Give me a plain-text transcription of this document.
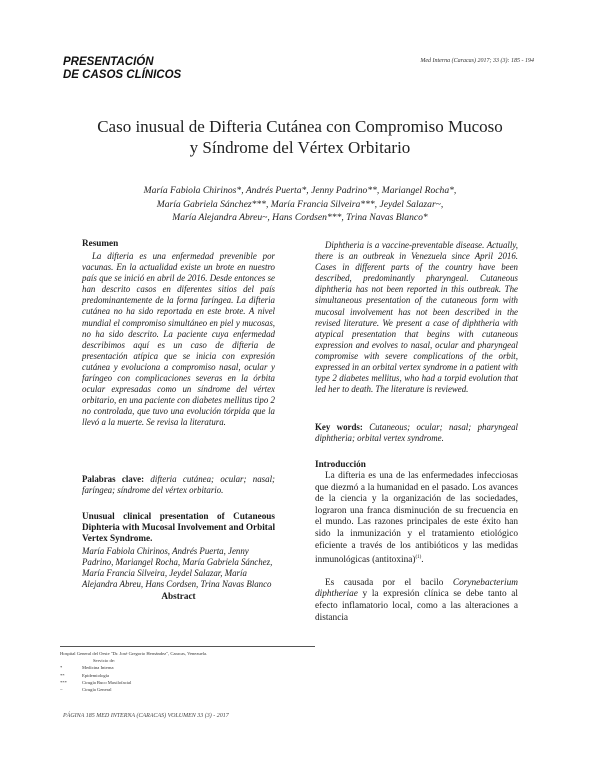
PRESENTACIÓN
DE CASOS CLÍNICOS
Med Interna (Caracas) 2017; 33 (3): 185 - 194
Caso inusual de Difteria Cutánea con Compromiso Mucoso
y Síndrome del Vértex Orbitario
María Fabiola Chirinos*, Andrés Puerta*, Jenny Padrino**, Mariangel Rocha*,
María Gabriela Sánchez***, María Francia Silveira***, Jeydel Salazar~,
María Alejandra Abreu~, Hans Cordsen***, Trina Navas Blanco*
Resumen

La difteria es una enfermedad prevenible por vacunas. En la actualidad existe un brote en nuestro país que se inició en abril de 2016. Desde entonces se han descrito casos en diferentes sitios del país predominantemente de la forma faríngea. La difteria cutánea no ha sido reportada en este brote. A nivel mundial el compromiso simultáneo en piel y mucosas, no ha sido descrito. La paciente cuya enfermedad describimos aquí es un caso de difteria de presentación atípica que se inicia con expresión cutánea y evoluciona a compromiso nasal, ocular y faríngeo con complicaciones severas en la órbita ocular expresadas como un síndrome del vértex orbitario, en una paciente con diabetes mellitus tipo 2 no controlada, que tuvo una evolución tórpida que la llevó a la muerte. Se revisa la literatura.

Palabras clave: difteria cutánea; ocular; nasal; faríngea; síndrome del vértex orbitario.

Unusual clinical presentation of Cutaneous Diphteria with Mucosal Involvement and Orbital Vertex Syndrome.

María Fabiola Chirinos, Andrés Puerta, Jenny Padrino, Mariangel Rocha, María Gabriela Sánchez, María Francia Silveira, Jeydel Salazar, María Alejandra Abreu, Hans Cordsen, Trina Navas Blanco

Abstract
Hospital General del Oeste "Dr. José Gregorio Hernández", Caracas, Venezuela.
Servicio de:
*	Medicina Interna
**	Epidemiología
***	Cirugía Buco Maxilofacial
~	Cirugía General

Diphtheria is a vaccine-preventable disease. Actually, there is an outbreak in Venezuela since April 2016. Cases in different parts of the country have been described, predominantly pharyngeal. Cutaneous diphtheria has not been reported in this outbreak. The simultaneous presentation of the cutaneous form with mucosal involvement has not been described in the revised literature. We present a case of diphtheria with atypical presentation that begins with cutaneous expression and evolves to nasal, ocular and pharyngeal compromise with severe complications of the orbit, expressed in an orbital vertex syndrome in a patient with type 2 diabetes mellitus, who had a torpid evolution that led her to death. The literature is reviewed.

Key words: Cutaneous; ocular; nasal; pharyngeal diphtheria; orbital vertex syndrome.
Introducción

La difteria es una de las enfermedades infecciosas que diezmó a la humanidad en el pasado. Los avances de la ciencia y la organización de las sociedades, lograron una franca disminución de su frecuencia en el mundo. Las razones principales de este éxito han sido la inmunización y el tratamiento etiológico eficiente a través de los antibióticos y las medidas inmunológicas (antitoxina)$^{(1)}$.

Es causada por el bacilo Corynebacterium diphtheriae y la expresión clínica se debe tanto al efecto inflamatorio local, como a las alteraciones a distancia

PÁGINA 185 MED INTERNA (CARACAS) VOLUMEN 33 (3) - 2017
